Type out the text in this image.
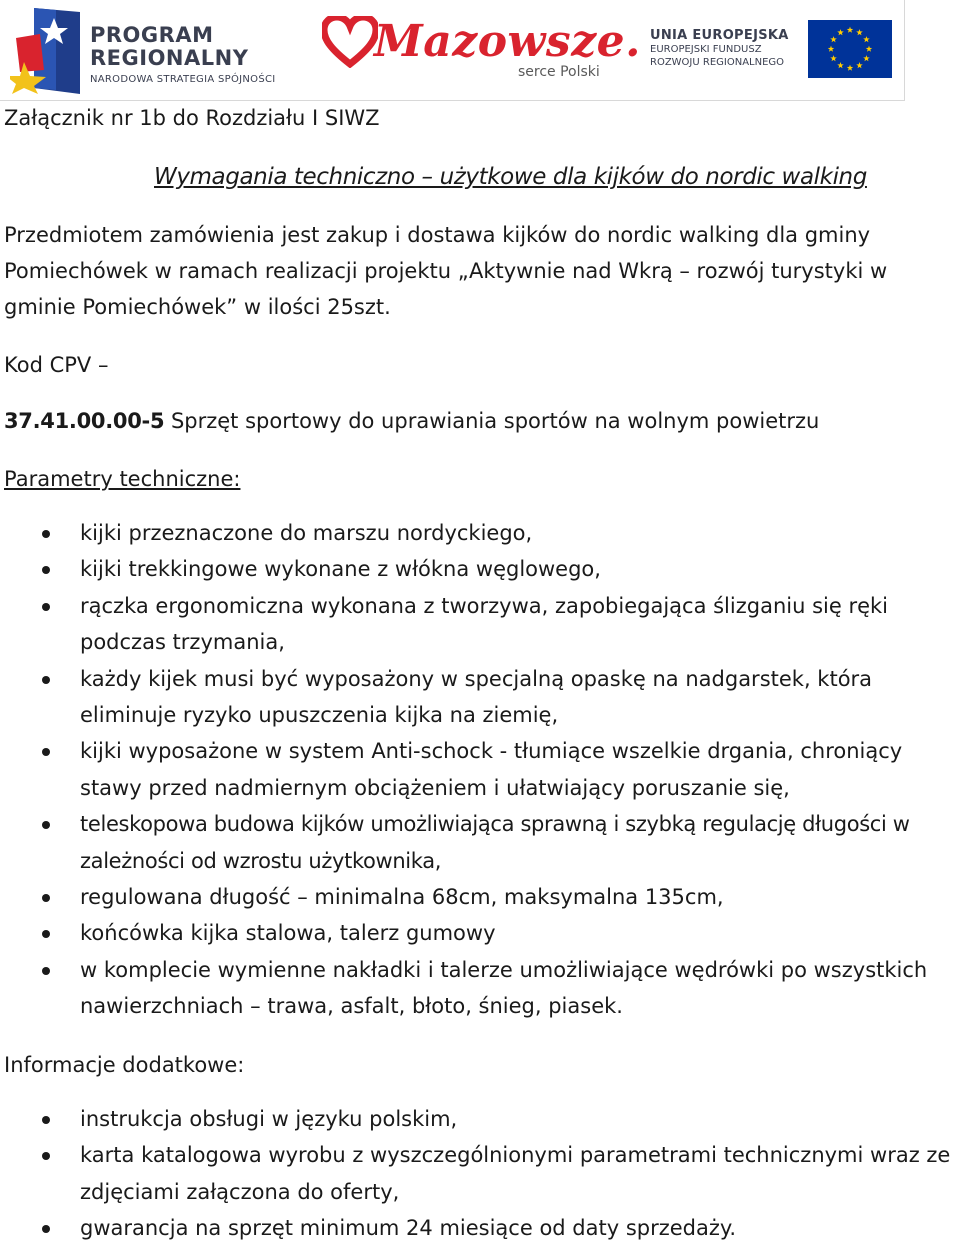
PROGRAM
REGIONALNY
NARODOWA STRATEGIA SPÓJNOŚCI
Mazowsze.
serce Polski
UNIA EUROPEJSKA
EUROPEJSKI FUNDUSZ
ROZWOJU REGIONALNEGO

Załącznik nr 1b do Rozdziału I SIWZ

Wymagania techniczno – użytkowe dla kijków do nordic walking

Przedmiotem zamówienia jest zakup i dostawa kijków do nordic walking dla gminy Pomiechówek w ramach realizacji projektu „Aktywnie nad Wkrą – rozwój turystyki w gminie Pomiechówek” w ilości 25szt.

Kod CPV –

37.41.00.00-5 Sprzęt sportowy do uprawiania sportów na wolnym powietrzu

Parametry techniczne:

kijki przeznaczone do marszu nordyckiego,
kijki trekkingowe wykonane z włókna węglowego,
rączka ergonomiczna wykonana z tworzywa, zapobiegająca ślizganiu się ręki podczas trzymania,
każdy kijek musi być wyposażony w specjalną opaskę na nadgarstek, która eliminuje ryzyko upuszczenia kijka na ziemię,
kijki wyposażone w system Anti-schock - tłumiące wszelkie drgania, chroniący stawy przed nadmiernym obciążeniem i ułatwiający poruszanie się,
teleskopowa budowa kijków umożliwiająca sprawną i szybką regulację długości w zależności od wzrostu użytkownika,
regulowana długość – minimalna 68cm, maksymalna 135cm,
końcówka kijka stalowa, talerz gumowy
w komplecie wymienne nakładki i talerze umożliwiające wędrówki po wszystkich nawierzchniach – trawa, asfalt, błoto, śnieg, piasek.

Informacje dodatkowe:

instrukcja obsługi w języku polskim,
karta katalogowa wyrobu z wyszczególnionymi parametrami technicznymi wraz ze zdjęciami załączona do oferty,
gwarancja na sprzęt minimum 24 miesiące od daty sprzedaży.
